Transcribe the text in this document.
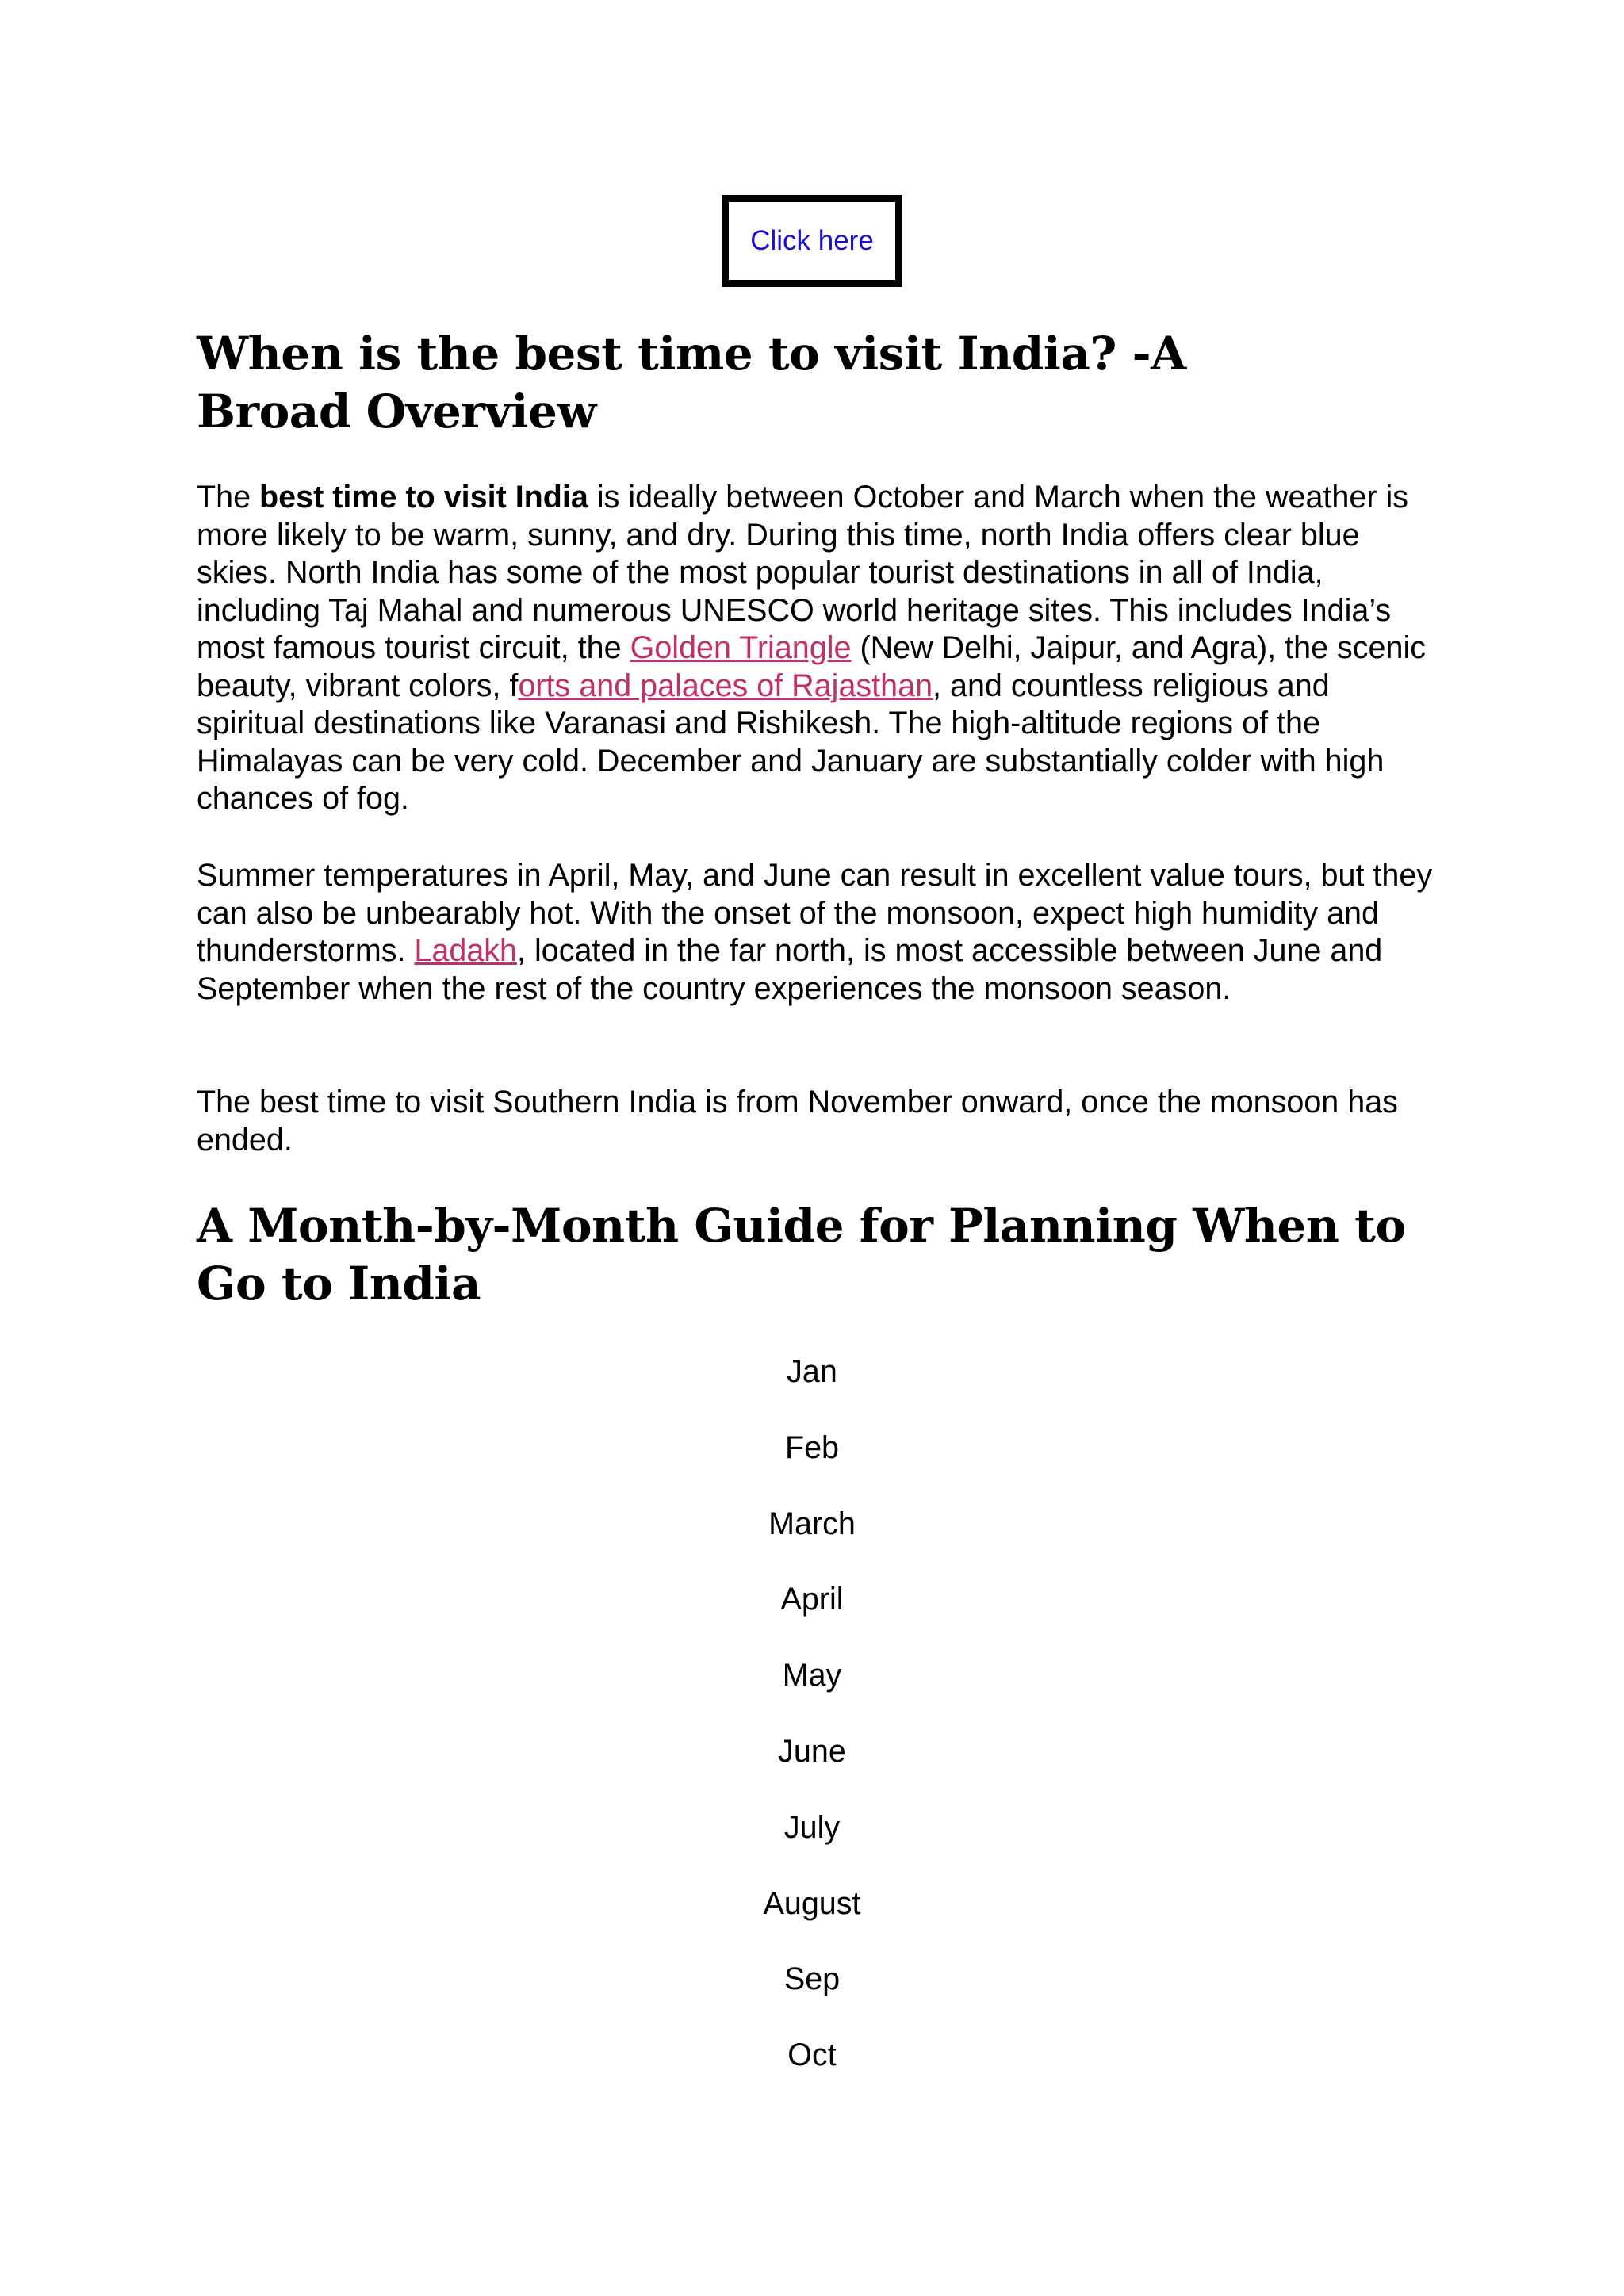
Click here
When is the best time to visit India? -A Broad Overview

The best time to visit India is ideally between October and March when the weather is more likely to be warm, sunny, and dry. During this time, north India offers clear blue skies. North India has some of the most popular tourist destinations in all of India, including Taj Mahal and numerous UNESCO world heritage sites. This includes India’s most famous tourist circuit, the Golden Triangle (New Delhi, Jaipur, and Agra), the scenic beauty, vibrant colors, forts and palaces of Rajasthan, and countless religious and spiritual destinations like Varanasi and Rishikesh. The high-altitude regions of the Himalayas can be very cold. December and January are substantially colder with high chances of fog.

Summer temperatures in April, May, and June can result in excellent value tours, but they can also be unbearably hot. With the onset of the monsoon, expect high humidity and thunderstorms. Ladakh, located in the far north, is most accessible between June and September when the rest of the country experiences the monsoon season.

The best time to visit Southern India is from November onward, once the monsoon has ended.

A Month-by-Month Guide for Planning When to Go to India
Jan
Feb
March
April
May
June
July
August
Sep
Oct
